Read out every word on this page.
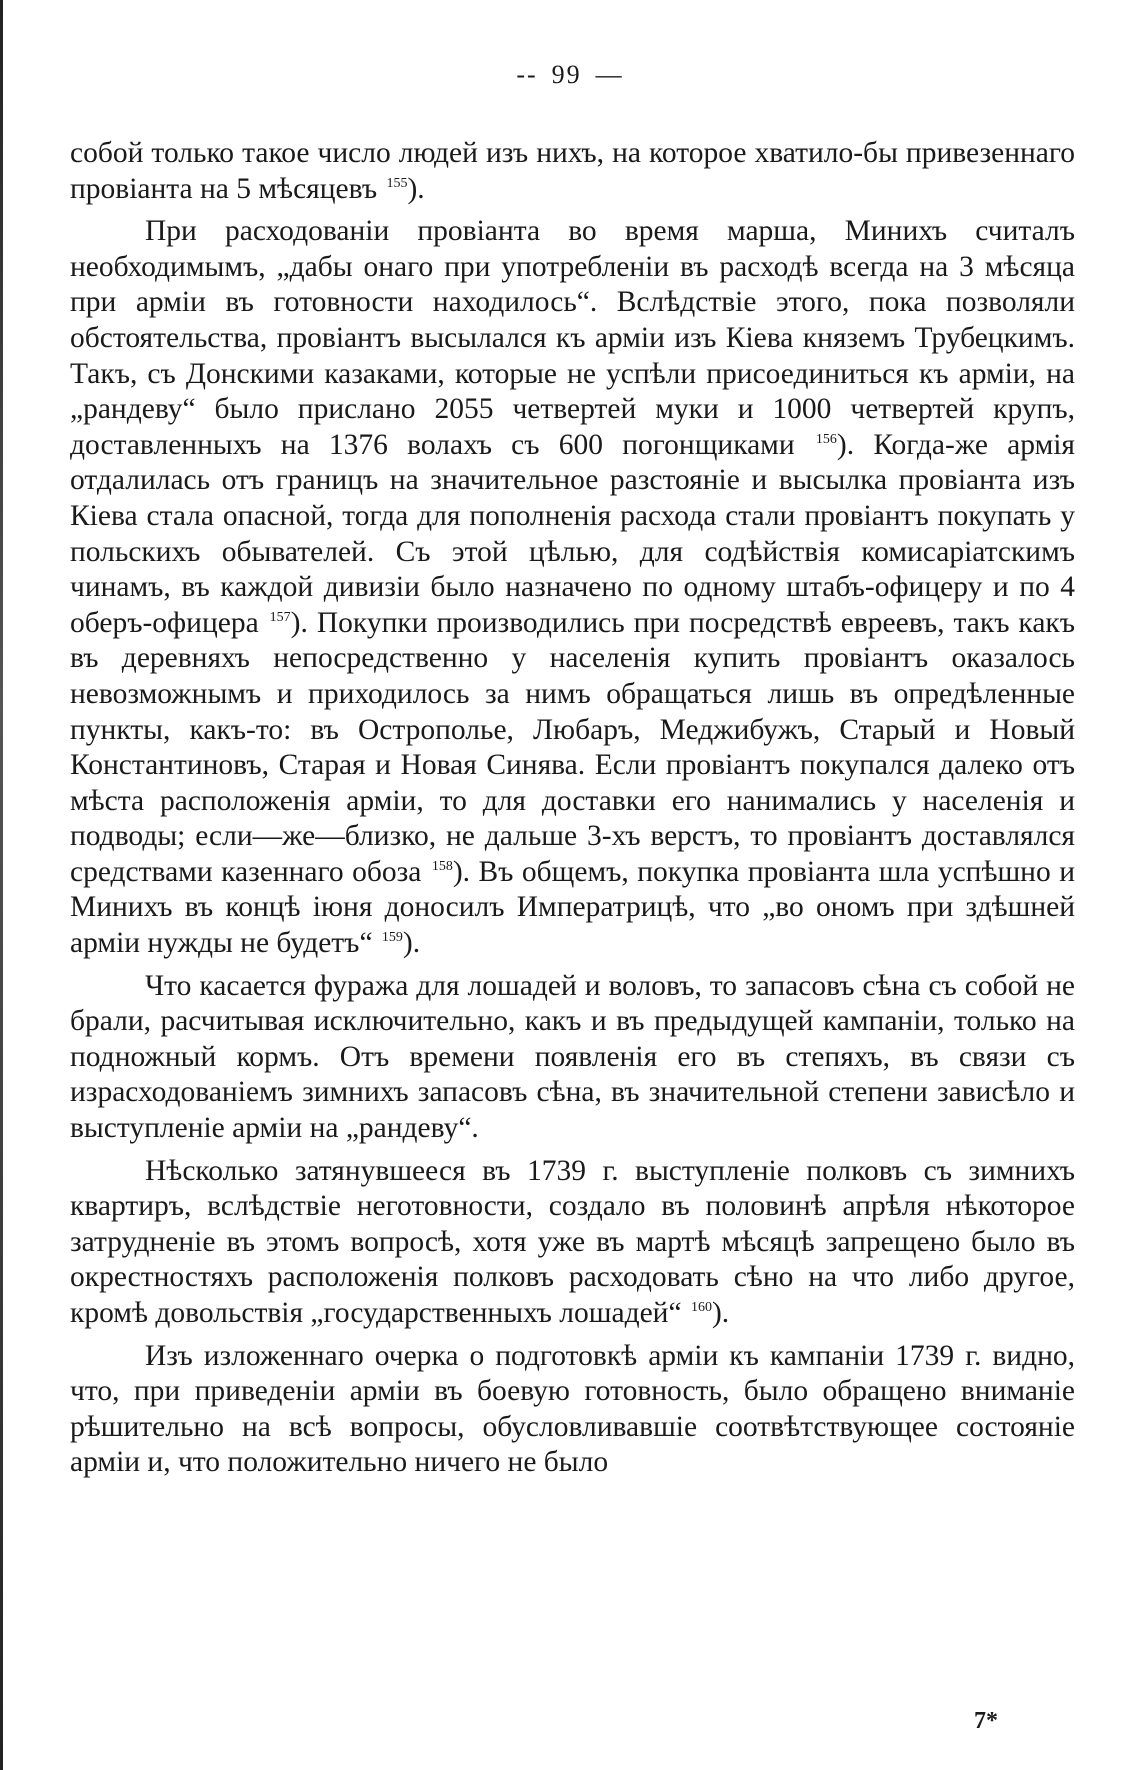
-- 99 —

собой только такое число людей изъ нихъ, на которое хватило-бы привезеннаго провіанта на 5 мѣсяцевъ $^{155}$).

При расходованіи провіанта во время марша, Минихъ считалъ необходимымъ, „дабы онаго при употребленіи въ расходѣ всегда на 3 мѣсяца при арміи въ готовности находилось“. Вслѣдствіе этого, пока позволяли обстоятельства, провіантъ высылался къ арміи изъ Кіева княземъ Трубецкимъ. Такъ, съ Донскими казаками, которые не успѣли присоединиться къ арміи, на „рандеву“ было прислано 2055 четвертей муки и 1000 четвертей крупъ, доставленныхъ на 1376 волахъ съ 600 погонщиками $^{156}$). Когда-же армія отдалилась отъ границъ на значительное разстояніе и высылка провіанта изъ Кіева стала опасной, тогда для пополненія расхода стали провіантъ покупать у польскихъ обывателей. Съ этой цѣлью, для содѣйствія комисаріатскимъ чинамъ, въ каждой дивизіи было назначено по одному штабъ-офицеру и по 4 оберъ-офицера $^{157}$). Покупки производились при посредствѣ евреевъ, такъ какъ въ деревняхъ непосредственно у населенія купить провіантъ оказалось невозможнымъ и приходилось за нимъ обращаться лишь въ опредѣленные пункты, какъ-то: въ Острополье, Любаръ, Меджибужъ, Старый и Новый Константиновъ, Старая и Новая Синява. Если провіантъ покупался далеко отъ мѣста расположенія арміи, то для доставки его нанимались у населенія и подводы; если—же—близко, не дальше 3-хъ верстъ, то провіантъ доставлялся средствами казеннаго обоза $^{158}$). Въ общемъ, покупка провіанта шла успѣшно и Минихъ въ концѣ іюня доносилъ Императрицѣ, что „во ономъ при здѣшней арміи нужды не будетъ“ $^{159}$).

Что касается фуража для лошадей и воловъ, то запасовъ сѣна съ собой не брали, расчитывая исключительно, какъ и въ предыдущей кампаніи, только на подножный кормъ. Отъ времени появленія его въ степяхъ, въ связи съ израсходованіемъ зимнихъ запасовъ сѣна, въ значительной степени зависѣло и выступленіе арміи на „рандеву“.

Нѣсколько затянувшееся въ 1739 г. выступленіе полковъ съ зимнихъ квартиръ, вслѣдствіе неготовности, создало въ половинѣ апрѣля нѣкоторое затрудненіе въ этомъ вопросѣ, хотя уже въ мартѣ мѣсяцѣ запрещено было въ окрестностяхъ расположенія полковъ расходовать сѣно на что либо другое, кромѣ довольствія „государственныхъ лошадей“ $^{160}$).

Изъ изложеннаго очерка о подготовкѣ арміи къ кампаніи 1739 г. видно, что, при приведеніи арміи въ боевую готовность, было обращено вниманіе рѣшительно на всѣ вопросы, обусловливавшіе соотвѣтствующее состояніе арміи и, что положительно ничего не было

7*
